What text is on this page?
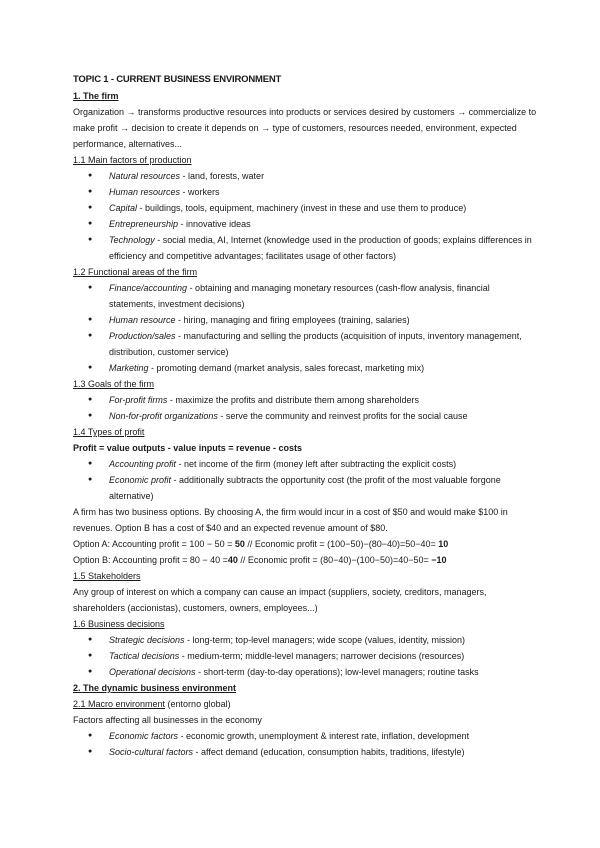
TOPIC 1 - CURRENT BUSINESS ENVIRONMENT
1. The firm
Organization → transforms productive resources into products or services desired by customers → commercialize to make profit → decision to create it depends on → type of customers, resources needed, environment, expected performance, alternatives...
1.1 Main factors of production
● Natural resources - land, forests, water
● Human resources - workers
● Capital - buildings, tools, equipment, machinery (invest in these and use them to produce)
● Entrepreneurship - innovative ideas
● Technology - social media, AI, Internet (knowledge used in the production of goods; explains differences in efficiency and competitive advantages; facilitates usage of other factors)
1.2 Functional areas of the firm
● Finance/accounting - obtaining and managing monetary resources (cash-flow analysis, financial statements, investment decisions)
● Human resource - hiring, managing and firing employees (training, salaries)
● Production/sales - manufacturing and selling the products (acquisition of inputs, inventory management, distribution, customer service)
● Marketing - promoting demand (market analysis, sales forecast, marketing mix)
1.3 Goals of the firm
● For-profit firms - maximize the profits and distribute them among shareholders
● Non-for-profit organizations - serve the community and reinvest profits for the social cause
1.4 Types of profit
Profit = value outputs - value inputs = revenue - costs
● Accounting profit - net income of the firm (money left after subtracting the explicit costs)
● Economic profit - additionally subtracts the opportunity cost (the profit of the most valuable forgone alternative)
A firm has two business options. By choosing A, the firm would incur in a cost of $50 and would make $100 in revenues. Option B has a cost of $40 and an expected revenue amount of $80.
Option A: Accounting profit = 100 − 50 = 50 // Economic profit = (100−50)−(80−40)=50−40= 10
Option B: Accounting profit = 80 − 40 =40 // Economic profit = (80−40)−(100−50)=40−50= −10
1.5 Stakeholders
Any group of interest on which a company can cause an impact (suppliers, society, creditors, managers, shareholders (accionistas), customers, owners, employees...)
1.6 Business decisions
● Strategic decisions - long-term; top-level managers; wide scope (values, identity, mission)
● Tactical decisions - medium-term; middle-level managers; narrower decisions (resources)
● Operational decisions - short-term (day-to-day operations); low-level managers; routine tasks
2. The dynamic business environment
2.1 Macro environment (entorno global)
Factors affecting all businesses in the economy
● Economic factors - economic growth, unemployment & interest rate, inflation, development
● Socio-cultural factors - affect demand (education, consumption habits, traditions, lifestyle)
